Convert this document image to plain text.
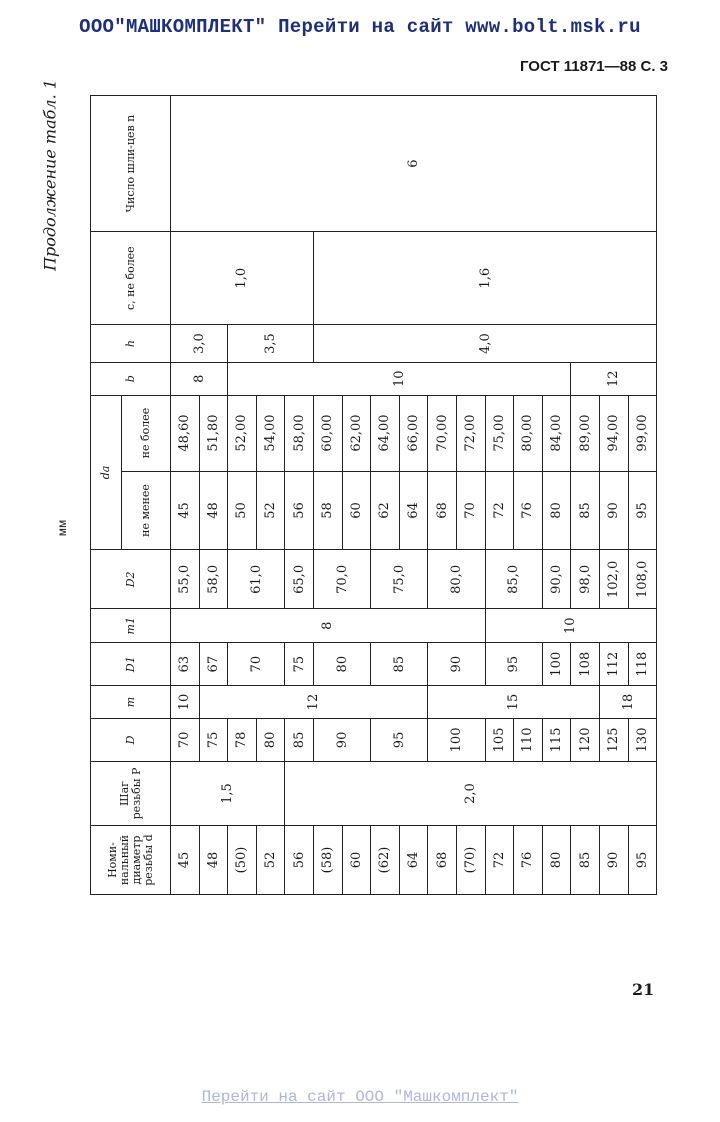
ООО"МАШКОМПЛЕКТ" Перейти на сайт www.bolt.msk.ru
ГОСТ 11871—88 С. 3
Продолжение табл. 1
мм
Номи-нальный диаметр резьбы d	Шаг резьбы P	D	m	D1	m1	D2	da		b	h	c, не более	Число шли-цев n
							не менее	не более				
45	1,5	70	10	63	8	55,0	45	48,60	8	3,0	1,0	6
48		75	12	67		58,0	48	51,80				
(50)		78		70		61,0	50	52,00	10	3,5		
52		80					52	54,00				
56	2,0	85		75		65,0	56	58,00				
(58)		90		80		70,0	58	60,00		4,0	1,6	
60							60	62,00				
(62)		95		85		75,0	62	64,00				
64							64	66,00				
68		100	15	90		80,0	68	70,00				
(70)							70	72,00				
72		105		95	10	85,0	72	75,00				
76		110					76	80,00				
80		115		100		90,0	80	84,00				
85		120		108		98,0	85	89,00	12			
90		125	18	112		102,0	90	94,00				
95		130		118		108,0	95	99,00				
21
Перейти на сайт ООО "Машкомплект"
